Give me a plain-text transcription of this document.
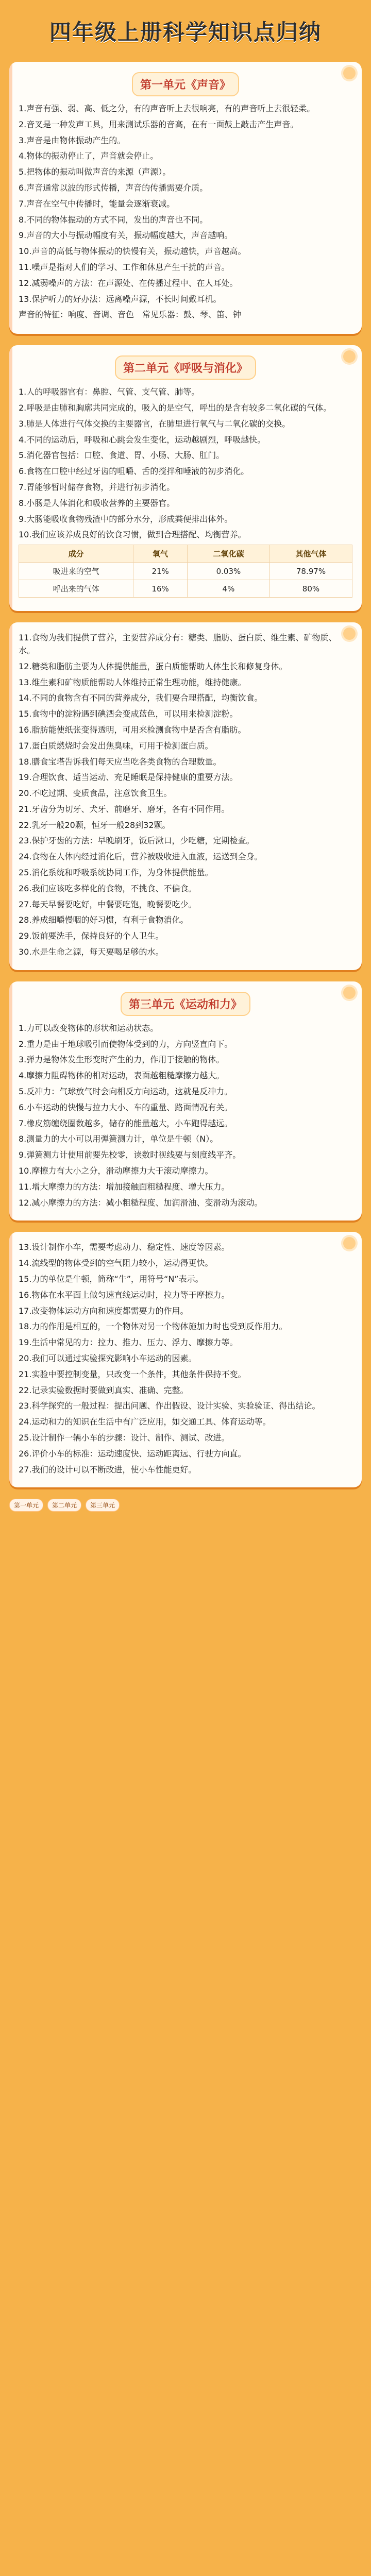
四年级上册科学知识点归纳
第一单元《声音》
1.声音有强、弱、高、低之分，有的声音听上去很响亮，有的声音听上去很轻柔。
2.音叉是一种发声工具，用来测试乐器的音高，在有一面鼓上敲击产生声音。
3.声音是由物体振动产生的。
4.物体的振动停止了，声音就会停止。
5.把物体的振动叫做声音的来源（声源）。
6.声音通常以波的形式传播，声音的传播需要介质。
7.声音在空气中传播时，能量会逐渐衰减。
8.不同的物体振动的方式不同，发出的声音也不同。
9.声音的大小与振动幅度有关，振动幅度越大，声音越响。
10.声音的高低与物体振动的快慢有关，振动越快，声音越高。
11.噪声是指对人们的学习、工作和休息产生干扰的声音。
12.减弱噪声的方法：在声源处、在传播过程中、在人耳处。
13.保护听力的好办法：远离噪声源，不长时间戴耳机。
声音的特征：响度、音调、音色 常见乐器：鼓、琴、笛、钟
第二单元《呼吸与消化》
1.人的呼吸器官有：鼻腔、气管、支气管、肺等。
2.呼吸是由肺和胸廓共同完成的，吸入的是空气，呼出的是含有较多二氧化碳的气体。
3.肺是人体进行气体交换的主要器官，在肺里进行氧气与二氧化碳的交换。
4.不同的运动后，呼吸和心跳会发生变化，运动越剧烈，呼吸越快。
5.消化器官包括：口腔、食道、胃、小肠、大肠、肛门。
6.食物在口腔中经过牙齿的咀嚼、舌的搅拌和唾液的初步消化。
7.胃能够暂时储存食物，并进行初步消化。
8.小肠是人体消化和吸收营养的主要器官。
9.大肠能吸收食物残渣中的部分水分，形成粪便排出体外。
10.我们应该养成良好的饮食习惯，做到合理搭配、均衡营养。
成分	氧气	二氧化碳	其他气体
吸进来的空气	21%	0.03%	78.97%
呼出来的气体	16%	4%	80%
11.食物为我们提供了营养，主要营养成分有：糖类、脂肪、蛋白质、维生素、矿物质、水。
12.糖类和脂肪主要为人体提供能量，蛋白质能帮助人体生长和修复身体。
13.维生素和矿物质能帮助人体维持正常生理功能，维持健康。
14.不同的食物含有不同的营养成分，我们要合理搭配，均衡饮食。
15.食物中的淀粉遇到碘酒会变成蓝色，可以用来检测淀粉。
16.脂肪能使纸张变得透明，可用来检测食物中是否含有脂肪。
17.蛋白质燃烧时会发出焦臭味，可用于检测蛋白质。
18.膳食宝塔告诉我们每天应当吃各类食物的合理数量。
19.合理饮食、适当运动、充足睡眠是保持健康的重要方法。
20.不吃过期、变质食品，注意饮食卫生。
21.牙齿分为切牙、犬牙、前磨牙、磨牙，各有不同作用。
22.乳牙一般20颗，恒牙一般28到32颗。
23.保护牙齿的方法：早晚刷牙，饭后漱口，少吃糖，定期检查。
24.食物在人体内经过消化后，营养被吸收进入血液，运送到全身。
25.消化系统和呼吸系统协同工作，为身体提供能量。
26.我们应该吃多样化的食物，不挑食、不偏食。
27.每天早餐要吃好，中餐要吃饱，晚餐要吃少。
28.养成细嚼慢咽的好习惯，有利于食物消化。
29.饭前要洗手，保持良好的个人卫生。
30.水是生命之源，每天要喝足够的水。
第三单元《运动和力》
1.力可以改变物体的形状和运动状态。
2.重力是由于地球吸引而使物体受到的力，方向竖直向下。
3.弹力是物体发生形变时产生的力，作用于接触的物体。
4.摩擦力阻碍物体的相对运动，表面越粗糙摩擦力越大。
5.反冲力：气球放气时会向相反方向运动，这就是反冲力。
6.小车运动的快慢与拉力大小、车的重量、路面情况有关。
7.橡皮筋缠绕圈数越多，储存的能量越大，小车跑得越远。
8.测量力的大小可以用弹簧测力计，单位是牛顿（N）。
9.弹簧测力计使用前要先校零，读数时视线要与刻度线平齐。
10.摩擦力有大小之分，滑动摩擦力大于滚动摩擦力。
11.增大摩擦力的方法：增加接触面粗糙程度、增大压力。
12.减小摩擦力的方法：减小粗糙程度、加润滑油、变滑动为滚动。
13.设计制作小车，需要考虑动力、稳定性、速度等因素。
14.流线型的物体受到的空气阻力较小，运动得更快。
15.力的单位是牛顿，简称“牛”，用符号“N”表示。
16.物体在水平面上做匀速直线运动时，拉力等于摩擦力。
17.改变物体运动方向和速度都需要力的作用。
18.力的作用是相互的，一个物体对另一个物体施加力时也受到反作用力。
19.生活中常见的力：拉力、推力、压力、浮力、摩擦力等。
20.我们可以通过实验探究影响小车运动的因素。
21.实验中要控制变量，只改变一个条件，其他条件保持不变。
22.记录实验数据时要做到真实、准确、完整。
23.科学探究的一般过程：提出问题、作出假设、设计实验、实验验证、得出结论。
24.运动和力的知识在生活中有广泛应用，如交通工具、体育运动等。
25.设计制作一辆小车的步骤：设计、制作、测试、改进。
26.评价小车的标准：运动速度快、运动距离远、行驶方向直。
27.我们的设计可以不断改进，使小车性能更好。
第一单元	第二单元	第三单元
